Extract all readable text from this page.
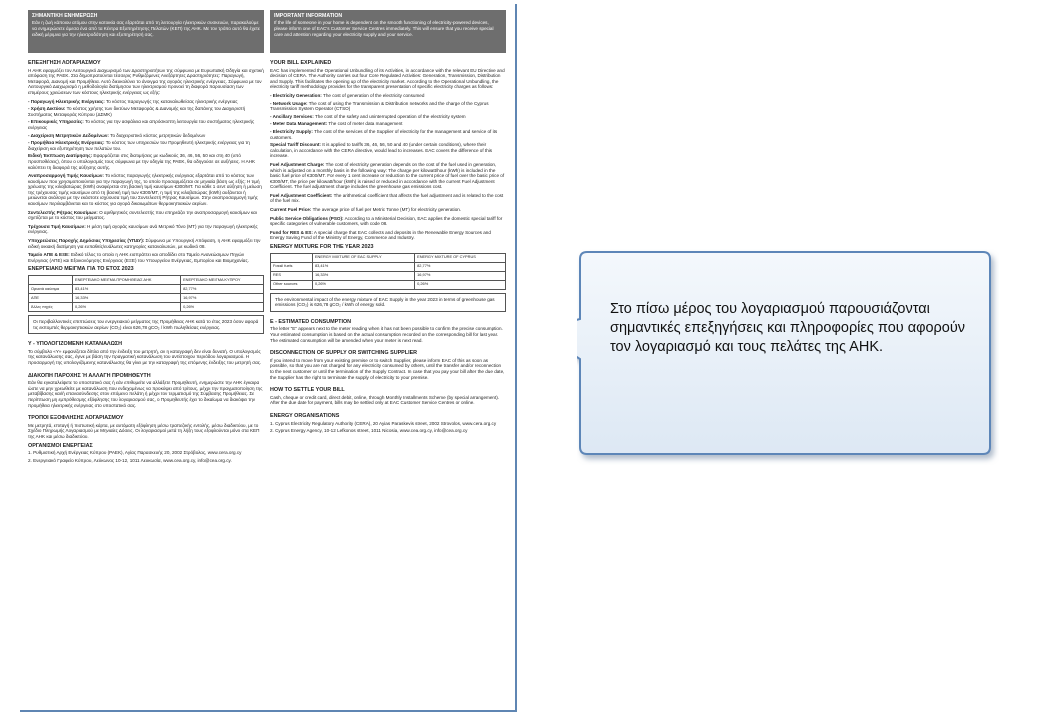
ΣΗΜΑΝΤΙΚΗ ΕΝΗΜΕΡΩΣΗ
Εάν η ζωή κάποιου ατόμου στην κατοικία σας εξαρτάται από τη λειτουργία ηλεκτρικών συσκευών, παρακαλούμε να ενημερώσετε άμεσα ένα από τα Κέντρα Εξυπηρέτησης Πελατών (ΚΕΠ) της ΑΗΚ. Με τον τρόπο αυτό θα έχετε ειδική μέριμνα για την ηλεκτροδότηση και εξυπηρέτησή σας.
ΕΠΕΞΗΓΗΣΗ ΛΟΓΑΡΙΑΣΜΟΥ
Η ΑΗΚ εφαρμόζει τον Λειτουργικό Διαχωρισμό των Δραστηριοτήτων της σύμφωνα με Ευρωπαϊκή Οδηγία και σχετική απόφαση της ΡΑΕΚ. Στα δημοπρατούνται τέσσερις Ρυθμιζόμενες Ανεξάρτητες Δραστηριότητες: Παραγωγή, Μεταφορά, Διανομή και Προμήθεια. Αυτό διευκολύνει το άνοιγμα της αγοράς ηλεκτρικής ενέργειας. Σύμφωνα με τον Λειτουργικό Διαχωρισμό η μεθοδολογία διατίμησου των ηλεκτρισμού προνοεί τη διαφορά παρουσίαση των επιμέρους χρεώσεων των κόστους ηλεκτρικής ενέργειας ως εξής:
- Παραγωγή Ηλεκτρικής Ενέργειας: Το κόστος παραγωγής της καταναλωθείσας ηλεκτρικής ενέργειας
- Χρήση Δικτύου: Το κόστος χρήσης των δικτύων Μεταφοράς & Διανομής και της δαπάνης του Διαχειριστή Συστήματος Μεταφοράς Κύπρου (ΔΣΜΚ)
- Επικουρικές Υπηρεσίες: Το κόστος για την ασφάλεια και απρόσκοπτη λειτουργία του συστήματος ηλεκτρικής ενέργειας
- Διαχείριση Μετρητικών Δεδομένων: Το διαχειριστικό κόστος μετρητικών δεδομένων
- Προμήθεια Ηλεκτρικής Ενέργειας: Το κόστος των υπηρεσιών του Προμηθευτή ηλεκτρικής ενέργειας για τη διαχείριση και εξυπηρέτηση των πελατών του.
Ειδική Έκπτωση Διατίμησης: Εφαρμόζεται στις διατιμήσεις με κωδικούς 36, 46, 56, 50 και στη 40 (υπό προϋποθέσεις), όπου ο υπολογισμός τους σύμφωνα με την οδηγία της ΡΑΕΚ, θα οδηγούσε σε αυξήσεις. Η ΑΗΚ καλύπτει τη διαφορά της αύξησης αυτής.
Αναπροσαρμογή Τιμής Καυσίμων: Το κόστος παραγωγής ηλεκτρικής ενέργειας εξαρτάται από το κόστος των καυσίμων που χρησιμοποιούνται για την παραγωγή της, το οποίο προσαρμόζεται σε μηνιαία βάση ως εξής: Η τιμή χρέωσης της κιλοβατώρας (kWh) αναφέρεται στη βασική τιμή καυσίμων €300/ΜΤ. Για κάθε 1 σεντ αύξηση ή μείωση της τρέχουσας τιμής καυσίμων από τη βασική τιμή των €300/ΜΤ, η τιμή της κιλοβατώρας (kWh) αυξάνεται ή μειώνεται ανάλογα με την εκάστοτε ισχύουσα τιμή του Συντελεστή Ρήτρας Καυσίμων. Στην αναπροσαρμογή τιμής καυσίμων περιλαμβάνεται και το κόστος για αγορά δικαιωμάτων θερμοκηπιακών αερίων.
Συντελεστής Ρήτρας Καυσίμων: Ο αριθμητικός συντελεστής που επηρεάζει την αναπροσαρμογή καυσίμων και σχετίζεται με το κόστος του μείγματος.
Τρέχουσα Τιμή Καυσίμων: Η μέση τιμή αγοράς καυσίμων ανά Μετρικό Τόνο (ΜΤ) για την παραγωγή ηλεκτρικής ενέργειας.
Υποχρεώσεις Παροχής Δημόσιας Υπηρεσίας (ΥΠΔΥ): Σύμφωνα με Υπουργική Απόφαση, η ΑΗΚ εφαρμόζει την ειδική οικιακή διατίμηση για ευπαθείς/ευάλωτες κατηγορίες καταναλωτών, με κωδικό 08.
Ταμείο ΑΠΕ & ΕΞΕ: Ειδικό τέλος το οποίο η ΑΗΚ εισπράττει και αποδίδει στο Ταμείο Ανανεώσιμων Πηγών Ενέργειας (ΑΠΕ) και Εξοικονόμησης Ενέργειας (ΕΞΕ) του Υπουργείου Ενέργειας, Εμπορίου και Βιομηχανίας.
ΕΝΕΡΓΕΙΑΚΟ ΜΕΙΓΜΑ ΓΙΑ ΤΟ ΕΤΟΣ 2023
	ΕΝΕΡΓΕΙΑΚΟ ΜΕΙΓΜΑ ΠΡΟΜΗΘΕΙΑΣ ΑΗΚ	ΕΝΕΡΓΕΙΑΚΟ ΜΕΙΓΜΑ ΚΥΠΡΟΥ
Ορυκτά καύσιμα	83,41%	82,77%
ΑΠΕ	16,33%	16,97%
Άλλες πηγές	0,26%	0,26%
Οι περιβαλλοντικές επιπτώσεις του ενεργειακού μείγματος της Προμήθειας ΑΗΚ κατά το έτος 2023 όσον αφορά τις εκπομπές θερμοκηπιακών αερίων (CO₂) είναι 626,78 gCO₂ / kWh πωληθείσας ενέργειας.
Y - ΥΠΟΛΟΓΙΖΟΜΕΝΗ ΚΑΤΑΝΑΛΩΣΗ
Το σύμβολο «Υ» εμφανίζεται δίπλα από την ένδειξη του μετρητή, αν η καταγραφή δεν είναι δυνατή. Ο υπολογισμός της κατανάλωσης σας, έγινε με βάση την πραγματική κατανάλωση του αντίστοιχου περιόδου λογαριασμού. Η προσαρμογή της υπολογιζόμενης κατανάλωσης θα γίνει με την καταγραφή της επόμενης ένδειξης του μετρητή σας.
ΔΙΑΚΟΠΗ ΠΑΡΟΧΗΣ Ή ΑΛΛΑΓΗ ΠΡΟΜΗΘΕΥΤΗ
Εάν θα εγκαταλείψετε το υποστατικό σας ή εάν επιθυμείτε να αλλάξετε Προμηθευτή, ενημερώστε την ΑΗΚ έγκαιρα ώστε να μην χρεωθείτε με κατανάλωση που ενδεχομένως να προκύψει από τρίτους, μέχρι την πραγματοποίηση της μεταβίβασης και/ή επανασύνδεσης στον επόμενο πελάτη ή μέχρι τον τερματισμό της Σύμβασης Προμήθειας. Σε περίπτωση μη εμπρόθεσμης εξόφλησης του λογαριασμού σας, ο Προμηθευτής έχει το δικαίωμα να διακόψει την προμήθεια ηλεκτρικής ενέργειας στο υποστατικό σας.
ΤΡΟΠΟΙ ΕΞΟΦΛΗΣΗΣ ΛΟΓΑΡΙΑΣΜΟΥ
Με μετρητά, επιταγή ή πιστωτική κάρτα, με αυτόματη εξόφληση μέσω τραπεζικής εντολής, μέσω διαδικτύου, με το Σχέδιο Πληρωμής Λογαριασμού με Μηνιαίες Δόσεις. Οι λογαριασμοί μετά τη λήξη τους εξοφλούνται μόνο στα ΚΕΠ της ΑΗΚ και μέσω διαδικτύου.
ΟΡΓΑΝΙΣΜΟΙ ΕΝΕΡΓΕΙΑΣ
1. Ρυθμιστική Αρχή Ενέργειας Κύπρου (ΡΑΕΚ), Αγίας Παρασκευής 20, 2002 Στρόβολος, www.cera.org.cy
2. Ενεργειακό Γραφείο Κύπρου, Λεύκωνος 10-12, 1011 Λευκωσία, www.cea.org.cy, info@cea.org.cy.
IMPORTANT INFORMATION
If the life of someone in your home is dependent on the smooth functioning of electricity-powered devices, please inform one of EAC's Customer Service Centres immediately. This will ensure that you receive special care and attention regarding your electricity supply and your service.
YOUR BILL EXPLAINED
EAC has implemented the Operational Unbundling of its Activities, in accordance with the relevant EU Directive and decision of CERA. The Authority carries out four Core Regulated Activities: Generation, Transmission, Distribution and Supply. This facilitates the opening up of the electricity market. According to the Operational Unbundling, the electricity tariff methodology provides for the transparent presentation of specific electricity charges as follows:
- Electricity Generation: The cost of generation of the electricity consumed
- Network Usage: The cost of using the Transmission & Distribution networks and the charge of the Cyprus Transmission System Operator (CTSO)
- Ancillary Services: The cost of the safety and uninterrupted operation of the electricity system
- Meter Data Management: The cost of meter data management
- Electricity Supply: The cost of the services of the Supplier of electricity for the management and service of its customers.
Special Tariff Discount: It is applied to tariffs 36, 46, 56, 50 and 40 (under certain conditions), where their calculation, in accordance with the CERA directive, would lead to increases. EAC covers the difference of this increase.
Fuel Adjustment Charge: The cost of electricity generation depends on the cost of the fuel used in generation, which is adjusted on a monthly basis in the following way: The charge per kilowatt/hour (kWh) is included in the basic fuel price of €300/MT. For every 1 cent increase or reduction to the current price of fuel over the basic price of €300/MT, the price per kilowatt/hour (kWh) is raised or reduced in accordance with the current Fuel Adjustment Coefficient. The fuel adjustment charge includes the greenhouse gas emissions cost.
Fuel Adjustment Coefficient: The arithmetical coefficient that affects the fuel adjustment and is related to the cost of the fuel mix.
Current Fuel Price: The average price of fuel per Metric Tonne (MT) for electricity generation.
Public Service Obligations (PSO): According to a Ministerial Decision, EAC applies the domestic special tariff for specific categories of vulnerable customers, with code 08.
Fund for RES & ES: A special charge that EAC collects and deposits in the Renewable Energy Sources and Energy Saving Fund of the Ministry of Energy, Commerce and Industry.
ENERGY MIXTURE FOR THE YEAR 2023
	ENERGY MIXTURE OF EAC SUPPLY	ENERGY MIXTURE OF CYPRUS
Fossil fuels	83,41%	82,77%
RES	16,33%	16,97%
Other sources	0,26%	0,26%
The environmental impact of the energy mixture of EAC Supply in the year 2023 in terms of greenhouse gas emissions (CO₂) is 626,78 gCO₂ / kWh of energy sold.
E - ESTIMATED CONSUMPTION
The letter "E" appears next to the meter reading when it has not been possible to confirm the precise consumption. Your estimated consumption is based on the actual consumption recorded on the corresponding bill for last year. The estimated consumption will be amended when your meter is next read.
DISCONNECTION OF SUPPLY OR SWITCHING SUPPLIER
If you intend to move from your existing premise or to switch Supplier, please inform EAC of this as soon as possible, so that you are not charged for any electricity consumed by others, until the transfer and/or reconnection to the next customer or until the termination of the Supply Contract. In case that you pay your bill after the due date, the Supplier has the right to terminate the supply of electricity to your premise.
HOW TO SETTLE YOUR BILL
Cash, cheque or credit card, direct debit, online, through Monthly Installments Scheme (by special arrangement). After the due date for payment, bills may be settled only at EAC Customer Service Centres or online.
ENERGY ORGANISATIONS
1. Cyprus Electricity Regulatory Authority (CERA), 20 Ayias Paraskevis street, 2002 Strovolos, www.cera.org.cy
2. Cyprus Energy Agency, 10-12 Lefkonos street, 1011 Nicosia, www.cea.org.cy, info@cea.org.cy
Στο πίσω μέρος του λογαριασμού παρουσιάζονται σημαντικές επεξηγήσεις και πληροφορίες που αφορούν τον λογαριασμό και τους πελάτες της ΑΗΚ.
